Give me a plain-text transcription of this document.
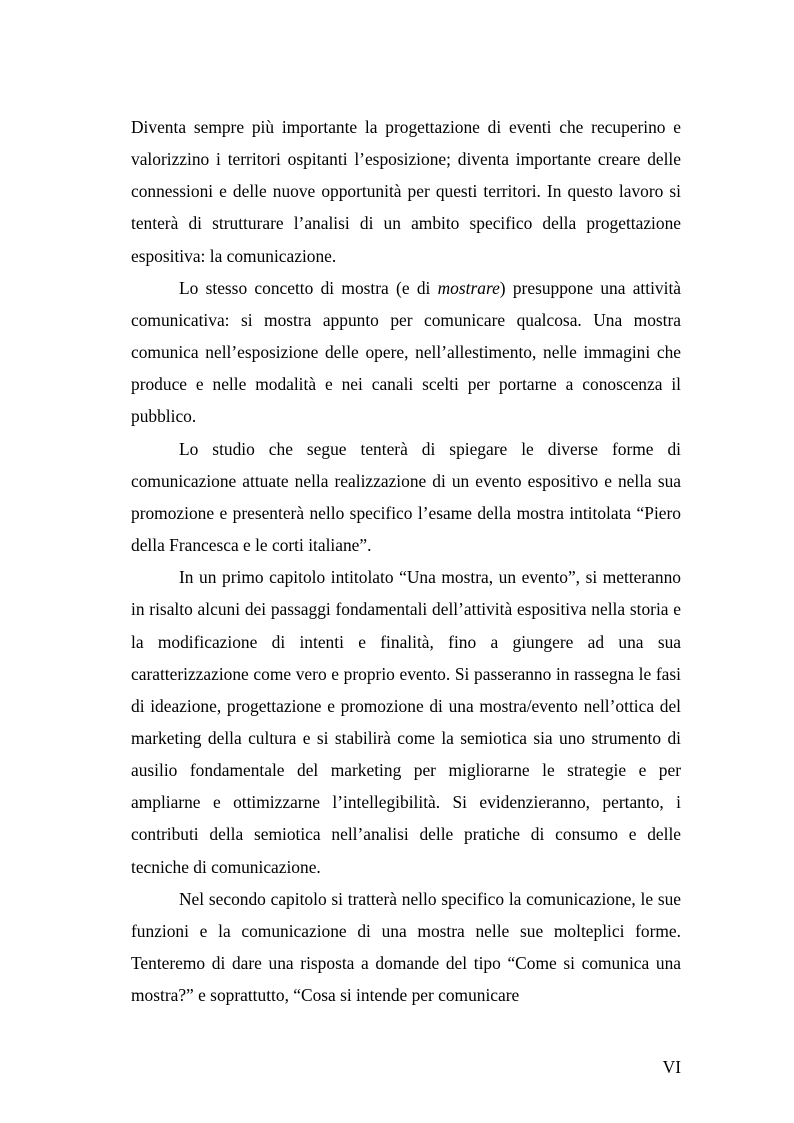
Diventa sempre più importante la progettazione di eventi che recuperino e valorizzino i territori ospitanti l’esposizione; diventa importante creare delle connessioni e delle nuove opportunità per questi territori. In questo lavoro si tenterà di strutturare l’analisi di un ambito specifico della progettazione espositiva: la comunicazione.

Lo stesso concetto di mostra (e di mostrare) presuppone una attività comunicativa: si mostra appunto per comunicare qualcosa. Una mostra comunica nell’esposizione delle opere, nell’allestimento, nelle immagini che produce e nelle modalità e nei canali scelti per portarne a conoscenza il pubblico.

Lo studio che segue tenterà di spiegare le diverse forme di comunicazione attuate nella realizzazione di un evento espositivo e nella sua promozione e presenterà nello specifico l’esame della mostra intitolata “Piero della Francesca e le corti italiane”.

In un primo capitolo intitolato “Una mostra, un evento”, si metteranno in risalto alcuni dei passaggi fondamentali dell’attività espositiva nella storia e la modificazione di intenti e finalità, fino a giungere ad una sua caratterizzazione come vero e proprio evento. Si passeranno in rassegna le fasi di ideazione, progettazione e promozione di una mostra/evento nell’ottica del marketing della cultura e si stabilirà come la semiotica sia uno strumento di ausilio fondamentale del marketing per migliorarne le strategie e per ampliarne e ottimizzarne l’intellegibilità. Si evidenzieranno, pertanto, i contributi della semiotica nell’analisi delle pratiche di consumo e delle tecniche di comunicazione.

Nel secondo capitolo si tratterà nello specifico la comunicazione, le sue funzioni e la comunicazione di una mostra nelle sue molteplici forme. Tenteremo di dare una risposta a domande del tipo “Come si comunica una mostra?” e soprattutto, “Cosa si intende per comunicare

VI
